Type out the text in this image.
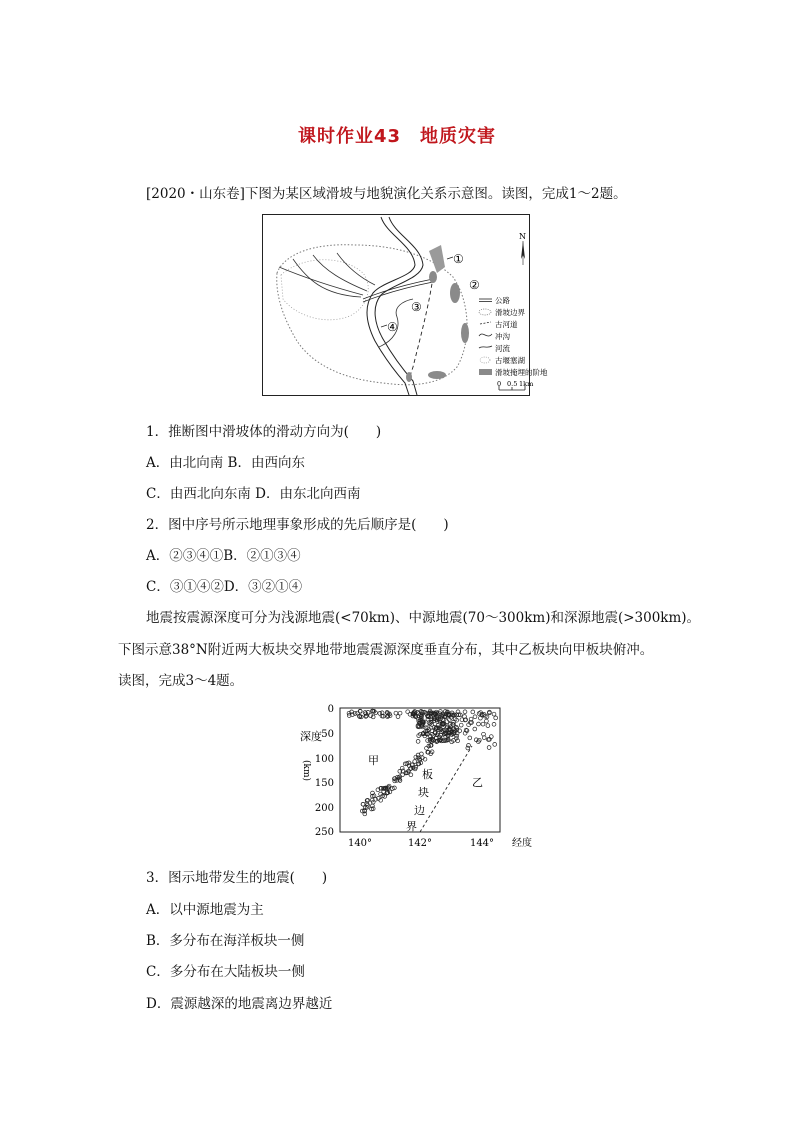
课时作业43　地质灾害
[2020・山东卷]下图为某区域滑坡与地貌演化关系示意图。读图，完成1～2题。
①
②
③
④
N
公路
滑坡边界
古河道
冲沟
河流
古堰塞湖
滑坡掩埋的阶地
0 0.5 1km
1．推断图中滑坡体的滑动方向为(　　)
A．由北向南 B．由西向东
C．由西北向东南 D．由东北向西南
2．图中序号所示地理事象形成的先后顺序是(　　)
A．②③④①B．②①③④
C．③①④②D．③②①④
地震按震源深度可分为浅源地震(<70km)、中源地震(70～300km)和深源地震(>300km)。
下图示意38°N附近两大板块交界地带地震震源深度垂直分布，其中乙板块向甲板块俯冲。
读图，完成3～4题。
深度
(km)
0
50
100
150
200
250
140°	142°	144° 经度
甲
乙
板
块
边
界
3．图示地带发生的地震(　　)
A．以中源地震为主
B．多分布在海洋板块一侧
C．多分布在大陆板块一侧
D．震源越深的地震离边界越近
